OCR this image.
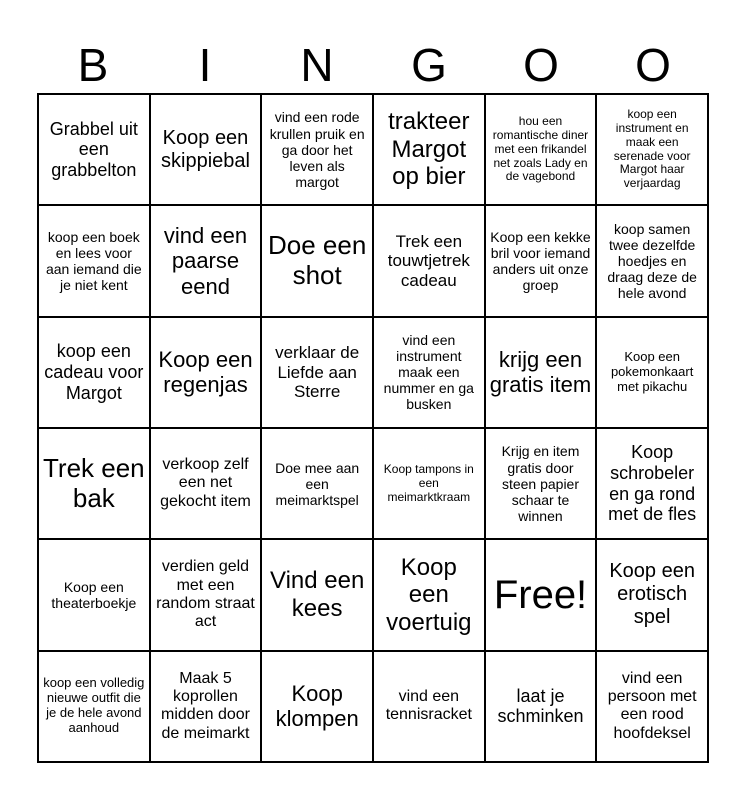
B	I	N	G	O	O
Grabbel uit een grabbelton
Koop een skippiebal
vind een rode krullen pruik en ga door het leven als margot
trakteer Margot op bier
hou een romantische diner met een frikandel net zoals Lady en de vagebond
koop een instrument en maak een serenade voor Margot haar verjaardag
koop een boek en lees voor aan iemand die je niet kent
vind een paarse eend
Doe een shot
Trek een touwtjetrek cadeau
Koop een kekke bril voor iemand anders uit onze groep
koop samen twee dezelfde hoedjes en draag deze de hele avond
koop een cadeau voor Margot
Koop een regenjas
verklaar de Liefde aan Sterre
vind een instrument maak een nummer en ga busken
krijg een gratis item
Koop een pokemonkaart met pikachu
Trek een bak
verkoop zelf een net gekocht item
Doe mee aan een meimarktspel
Koop tampons in een meimarktkraam
Krijg en item gratis door steen papier schaar te winnen
Koop schrobeler en ga rond met de fles
Koop een theaterboekje
verdien geld met een random straat act
Vind een kees
Koop een voertuig
Free!
Koop een erotisch spel
koop een volledig nieuwe outfit die je de hele avond aanhoud
Maak 5 koprollen midden door de meimarkt
Koop klompen
vind een tennisracket
laat je schminken
vind een persoon met een rood hoofdeksel
